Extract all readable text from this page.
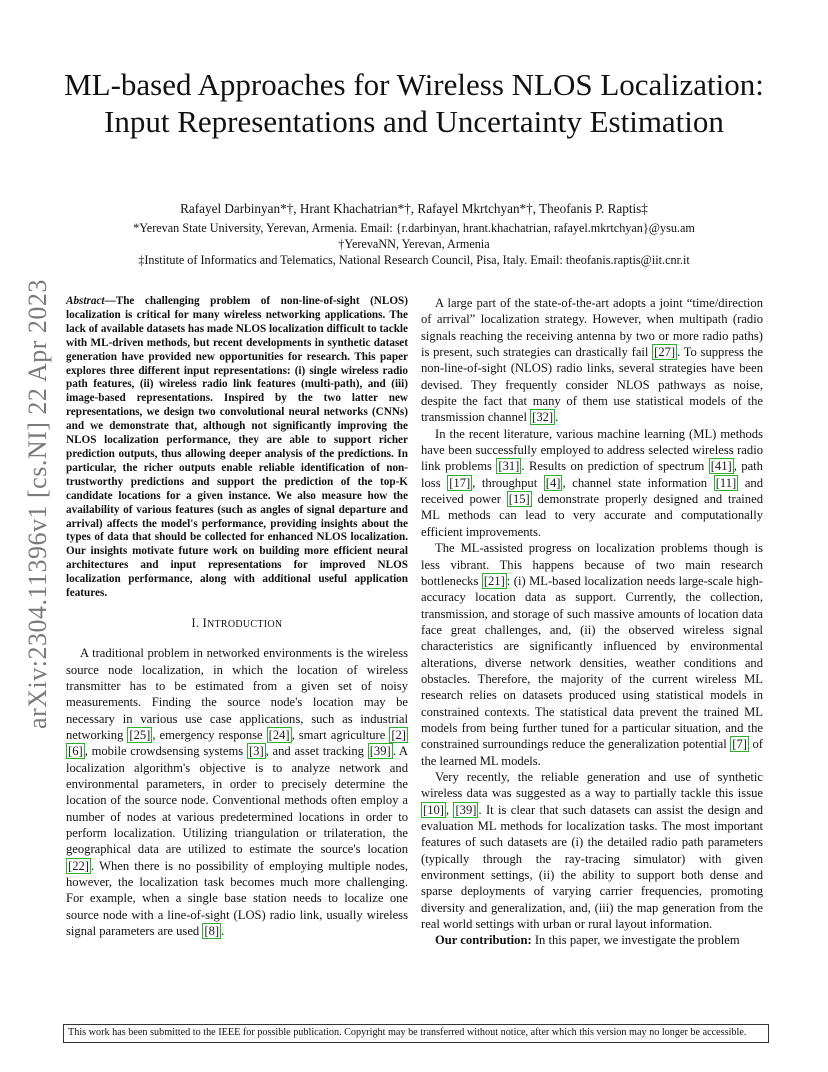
arXiv:2304.11396v1 [cs.NI] 22 Apr 2023
ML-based Approaches for Wireless NLOS Localization: Input Representations and Uncertainty Estimation
Rafayel Darbinyan*†, Hrant Khachatrian*†, Rafayel Mkrtchyan*†, Theofanis P. Raptis‡
*Yerevan State University, Yerevan, Armenia. Email: {r.darbinyan, hrant.khachatrian, rafayel.mkrtchyan}@ysu.am
†YerevaNN, Yerevan, Armenia
‡Institute of Informatics and Telematics, National Research Council, Pisa, Italy. Email: theofanis.raptis@iit.cnr.it

Abstract—The challenging problem of non-line-of-sight (NLOS) localization is critical for many wireless networking applications. The lack of available datasets has made NLOS localization difficult to tackle with ML-driven methods, but recent developments in synthetic dataset generation have provided new opportunities for research. This paper explores three different input representations: (i) single wireless radio path features, (ii) wireless radio link features (multi-path), and (iii) image-based representations. Inspired by the two latter new representations, we design two convolutional neural networks (CNNs) and we demonstrate that, although not significantly improving the NLOS localization performance, they are able to support richer prediction outputs, thus allowing deeper analysis of the predictions. In particular, the richer outputs enable reliable identification of non-trustworthy predictions and support the prediction of the top-K candidate locations for a given instance. We also measure how the availability of various features (such as angles of signal departure and arrival) affects the model's performance, providing insights about the types of data that should be collected for enhanced NLOS localization. Our insights motivate future work on building more efficient neural architectures and input representations for improved NLOS localization performance, along with additional useful application features.

I. INTRODUCTION

A traditional problem in networked environments is the wireless source node localization, in which the location of wireless transmitter has to be estimated from a given set of noisy measurements. Finding the source node's location may be necessary in various use case applications, such as industrial networking [25] , emergency response [24] , smart agriculture [2] [6] , mobile crowdsensing systems [3] , and asset tracking [39] . A localization algorithm's objective is to analyze network and environmental parameters, in order to precisely determine the location of the source node. Conventional methods often employ a number of nodes at various predetermined locations in order to perform localization. Utilizing triangulation or trilateration, the geographical data are utilized to estimate the source's location [22] . When there is no possibility of employing multiple nodes, however, the localization task becomes much more challenging. For example, when a single base station needs to localize one source node with a line-of-sight (LOS) radio link, usually wireless signal parameters are used [8] .

A large part of the state-of-the-art adopts a joint “time/direction of arrival” localization strategy. However, when multipath (radio signals reaching the receiving antenna by two or more radio paths) is present, such strategies can drastically fail [27] . To suppress the non-line-of-sight (NLOS) radio links, several strategies have been devised. They frequently consider NLOS pathways as noise, despite the fact that many of them use statistical models of the transmission channel [32] .

In the recent literature, various machine learning (ML) methods have been successfully employed to address selected wireless radio link problems [31] . Results on prediction of spectrum [41] , path loss [17] , throughput [4] , channel state information [11] and received power [15] demonstrate properly designed and trained ML methods can lead to very accurate and computationally efficient improvements.

The ML-assisted progress on localization problems though is less vibrant. This happens because of two main research bottlenecks [21] : (i) ML-based localization needs large-scale high-accuracy location data as support. Currently, the collection, transmission, and storage of such massive amounts of location data face great challenges, and, (ii) the observed wireless signal characteristics are significantly influenced by environmental alterations, diverse network densities, weather conditions and obstacles. Therefore, the majority of the current wireless ML research relies on datasets produced using statistical models in constrained contexts. The statistical data prevent the trained ML models from being further tuned for a particular situation, and the constrained surroundings reduce the generalization potential [7] of the learned ML models.

Very recently, the reliable generation and use of synthetic wireless data was suggested as a way to partially tackle this issue [10] , [39] . It is clear that such datasets can assist the design and evaluation ML methods for localization tasks. The most important features of such datasets are (i) the detailed radio path parameters (typically through the ray-tracing simulator) with given environment settings, (ii) the ability to support both dense and sparse deployments of varying carrier frequencies, promoting diversity and generalization, and, (iii) the map generation from the real world settings with urban or rural layout information.

Our contribution: In this paper, we investigate the problem

This work has been submitted to the IEEE for possible publication. Copyright may be transferred without notice, after which this version may no longer be accessible.
